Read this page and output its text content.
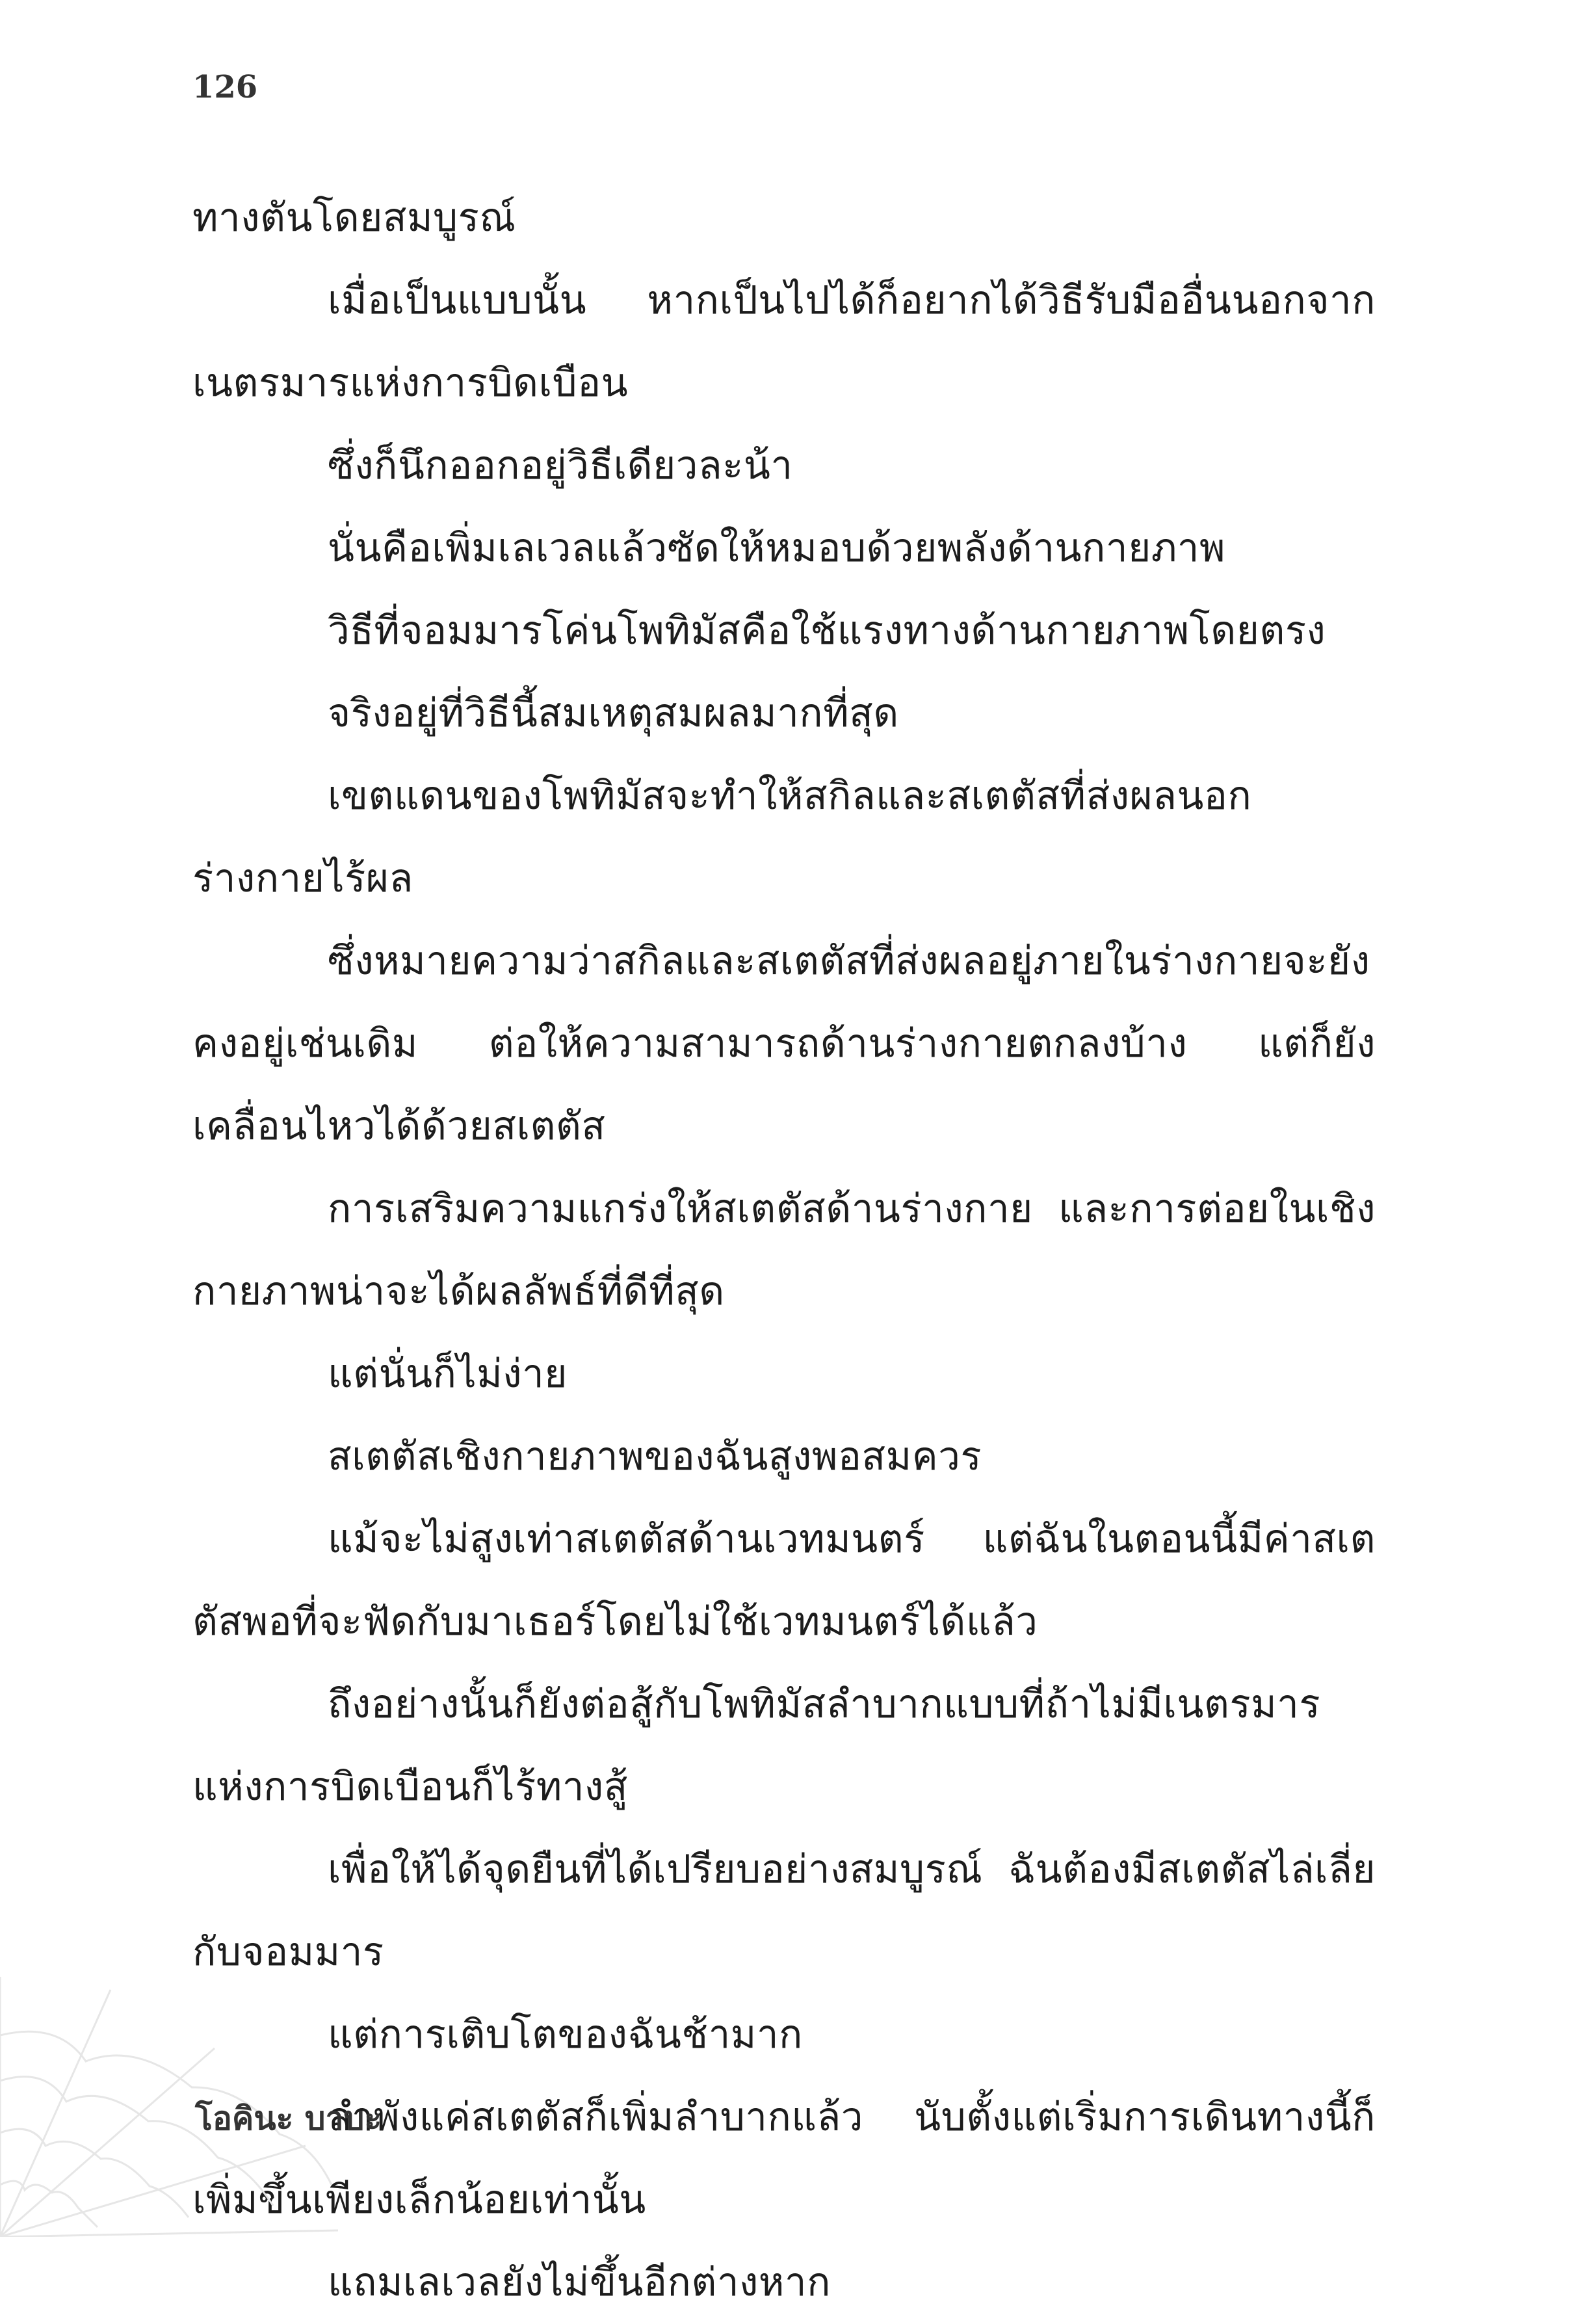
126

ทางตันโดยสมบูรณ์

เมื่อเป็นแบบนั้น หากเป็นไปได้ก็อยากได้วิธีรับมืออื่นนอกจากเนตรมารแห่งการบิดเบือน

ซึ่งก็นึกออกอยู่วิธีเดียวละน้า

นั่นคือเพิ่มเลเวลแล้วซัดให้หมอบด้วยพลังด้านกายภาพ

วิธีที่จอมมารโค่นโพทิมัสคือใช้แรงทางด้านกายภาพโดยตรง

จริงอยู่ที่วิธีนี้สมเหตุสมผลมากที่สุด

เขตแดนของโพทิมัสจะทำให้สกิลและสเตตัสที่ส่งผลนอกร่างกายไร้ผล

ซึ่งหมายความว่าสกิลและสเตตัสที่ส่งผลอยู่ภายในร่างกายจะยังคงอยู่เช่นเดิม ต่อให้ความสามารถด้านร่างกายตกลงบ้าง แต่ก็ยังเคลื่อนไหวได้ด้วยสเตตัส

การเสริมความแกร่งให้สเตตัสด้านร่างกาย และการต่อยในเชิงกายภาพน่าจะได้ผลลัพธ์ที่ดีที่สุด

แต่นั่นก็ไม่ง่าย

สเตตัสเชิงกายภาพของฉันสูงพอสมควร

แม้จะไม่สูงเท่าสเตตัสด้านเวทมนตร์ แต่ฉันในตอนนี้มีค่าสเตตัสพอที่จะฟัดกับมาเธอร์โดยไม่ใช้เวทมนตร์ได้แล้ว

ถึงอย่างนั้นก็ยังต่อสู้กับโพทิมัสลำบากแบบที่ถ้าไม่มีเนตรมารแห่งการบิดเบือนก็ไร้ทางสู้

เพื่อให้ได้จุดยืนที่ได้เปรียบอย่างสมบูรณ์ ฉันต้องมีสเตตัสไล่เลี่ยกับจอมมาร

แต่การเติบโตของฉันช้ามาก

ลำพังแค่สเตตัสก็เพิ่มลำบากแล้ว นับตั้งแต่เริ่มการเดินทางนี้ก็เพิ่มขึ้นเพียงเล็กน้อยเท่านั้น

แถมเลเวลยังไม่ขึ้นอีกต่างหาก

โอคินะ บาบะ
